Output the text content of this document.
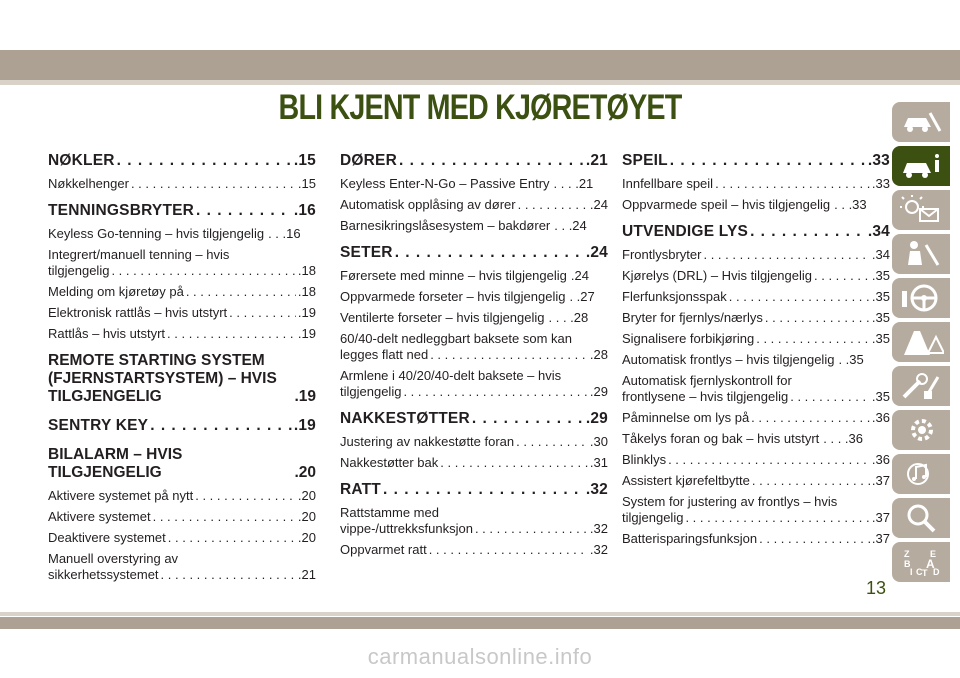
BLI KJENT MED KJØRETØYET
NØKLER . . .	.15
Nøkkelhenger . . .	.15
TENNINGSBRYTER . . .	.16
Keyless Go-tenning – hvis tilgjengelig . . .16
Integrert/manuell tenning – hvis
tilgjengelig . . .	.18
Melding om kjøretøy på . . .	.18
Elektronisk rattlås – hvis utstyrt . . .	.19
Rattlås – hvis utstyrt . . .	.19
REMOTE STARTING SYSTEM
(FJERNSTARTSYSTEM) – HVIS
TILGJENGELIG	.19
SENTRY KEY . . .	.19
BILALARM – HVIS
TILGJENGELIG	.20
Aktivere systemet på nytt . . .	.20
Aktivere systemet . . .	.20
Deaktivere systemet . . .	.20
Manuell overstyring av
sikkerhetssystemet . . .	.21
DØRER . . .	.21
Keyless Enter-N-Go – Passive Entry . . . .21
Automatisk opplåsing av dører . . .	.24
Barnesikringslåsesystem – bakdører . . .24
SETER . . .	.24
Førersete med minne – hvis tilgjengelig .24
Oppvarmede forseter – hvis tilgjengelig . .27
Ventilerte forseter – hvis tilgjengelig . . . .28
60/40-delt nedleggbart baksete som kan
legges flatt ned . . .	.28
Armlene i 40/20/40-delt baksete – hvis
tilgjengelig . . .	.29
NAKKESTØTTER . . .	.29
Justering av nakkestøtte foran . . .	.30
Nakkestøtter bak . . .	.31
RATT . . .	.32
Rattstamme med
vippe-/uttrekksfunksjon . . .	.32
Oppvarmet ratt . . .	.32
SPEIL . . .	.33
Innfellbare speil . . .	.33
Oppvarmede speil – hvis tilgjengelig . . .33
UTVENDIGE LYS . . .	.34
Frontlysbryter . . .	.34
Kjørelys (DRL) – Hvis tilgjengelig . . .	.35
Flerfunksjonsspak . . .	.35
Bryter for fjernlys/nærlys . . .	.35
Signalisere forbikjøring . . .	.35
Automatisk frontlys – hvis tilgjengelig . .35
Automatisk fjernlyskontroll for
frontlysene – hvis tilgjengelig . . .	.35
Påminnelse om lys på . . .	.36
Tåkelys foran og bak – hvis utstyrt . . . .36
Blinklys . . .	.36
Assistert kjørefeltbytte . . .	.37
System for justering av frontlys – hvis
tilgjengelig . . .	.37
Batterisparingsfunksjon . . .	.37
Z E
B A
I C T D
13
carmanualsonline.info
